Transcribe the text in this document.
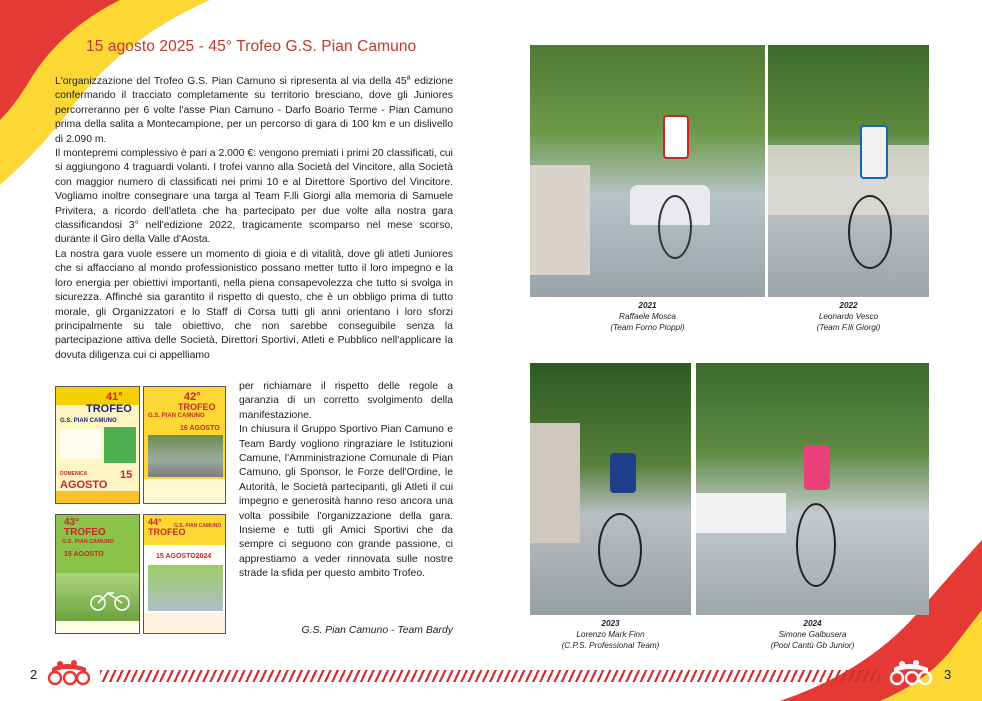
15 agosto 2025 - 45° Trofeo G.S. Pian Camuno

L'organizzazione del Trofeo G.S. Pian Camuno si ripresenta al via della 45$^a$ edizione confermando il tracciato completamente su territorio bresciano, dove gli Juniores percorreranno per 6 volte l'asse Pian Camuno - Darfo Boario Terme - Pian Camuno prima della salita a Montecampione, per un percorso di gara di 100 km e un dislivello di 2.090 m.

Il montepremi complessivo è pari a 2.000 €: vengono premiati i primi 20 classificati, cui si aggiungono 4 traguardi volanti. I trofei vanno alla Società del Vincitore, alla Società con maggior numero di classificati nei primi 10 e al Direttore Sportivo del Vincitore. Vogliamo inoltre consegnare una targa al Team F.lli Giorgi alla memoria di Samuele Privitera, a ricordo dell'atleta che ha partecipato per due volte alla nostra gara classificandosi 3° nell'edizione 2022, tragicamente scomparso nel mese scorso, durante il Giro della Valle d'Aosta.

La nostra gara vuole essere un momento di gioia e di vitalità, dove gli atleti Juniores che si affacciano al mondo professionistico possano metter tutto il loro impegno e la loro energia per obiettivi importanti, nella piena consapevolezza che tutto si svolga in sicurezza. Affinché sia garantito il rispetto di questo, che è un obbligo prima di tutto morale, gli Organizzatori e lo Staff di Corsa tutti gli anni orientano i loro sforzi principalmente su tale obiettivo, che non sarebbe conseguibile senza la partecipazione attiva delle Società, Direttori Sportivi, Atleti e Pubblico nell'applicare la dovuta diligenza cui ci appelliamo

41°
TROFEO
G.S. PIAN CAMUNO
DOMENICA	15
AGOSTO
42°
TROFEO
G.S. PIAN CAMUNO
16 AGOSTO
43°
TROFEO
G.S. PIAN CAMUNO
15 AGOSTO
44°
TROFEO
G.S. PIAN CAMUNO
15 AGOSTO2024

per richiamare il rispetto delle regole a garanzia di un corretto svolgimento della manifestazione.

In chiusura il Gruppo Sportivo Pian Camuno e Team Bardy vogliono ringraziare le Istituzioni Camune, l'Amministrazione Comunale di Pian Camuno, gli Sponsor, le Forze dell'Ordine, le Autorità, le Società partecipanti, gli Atleti il cui impegno e generosità hanno reso ancora una volta possibile l'organizzazione della gara. Insieme e tutti gli Amici Sportivi che da sempre ci seguono con grande passione, ci apprestiamo a veder rinnovata sulle nostre strade la sfida per questo ambito Trofeo.

G.S. Pian Camuno - Team Bardy
2021
Raffaele Mosca
(Team Forno Pioppi)
2022
Leonardo Vesco
(Team F.lli Giorgi)
2023
Lorenzo Mark Finn
(C.P.S. Professional Team)
2024
Simone Galbusera
(Pool Cantù Gb Junior)
2	3
